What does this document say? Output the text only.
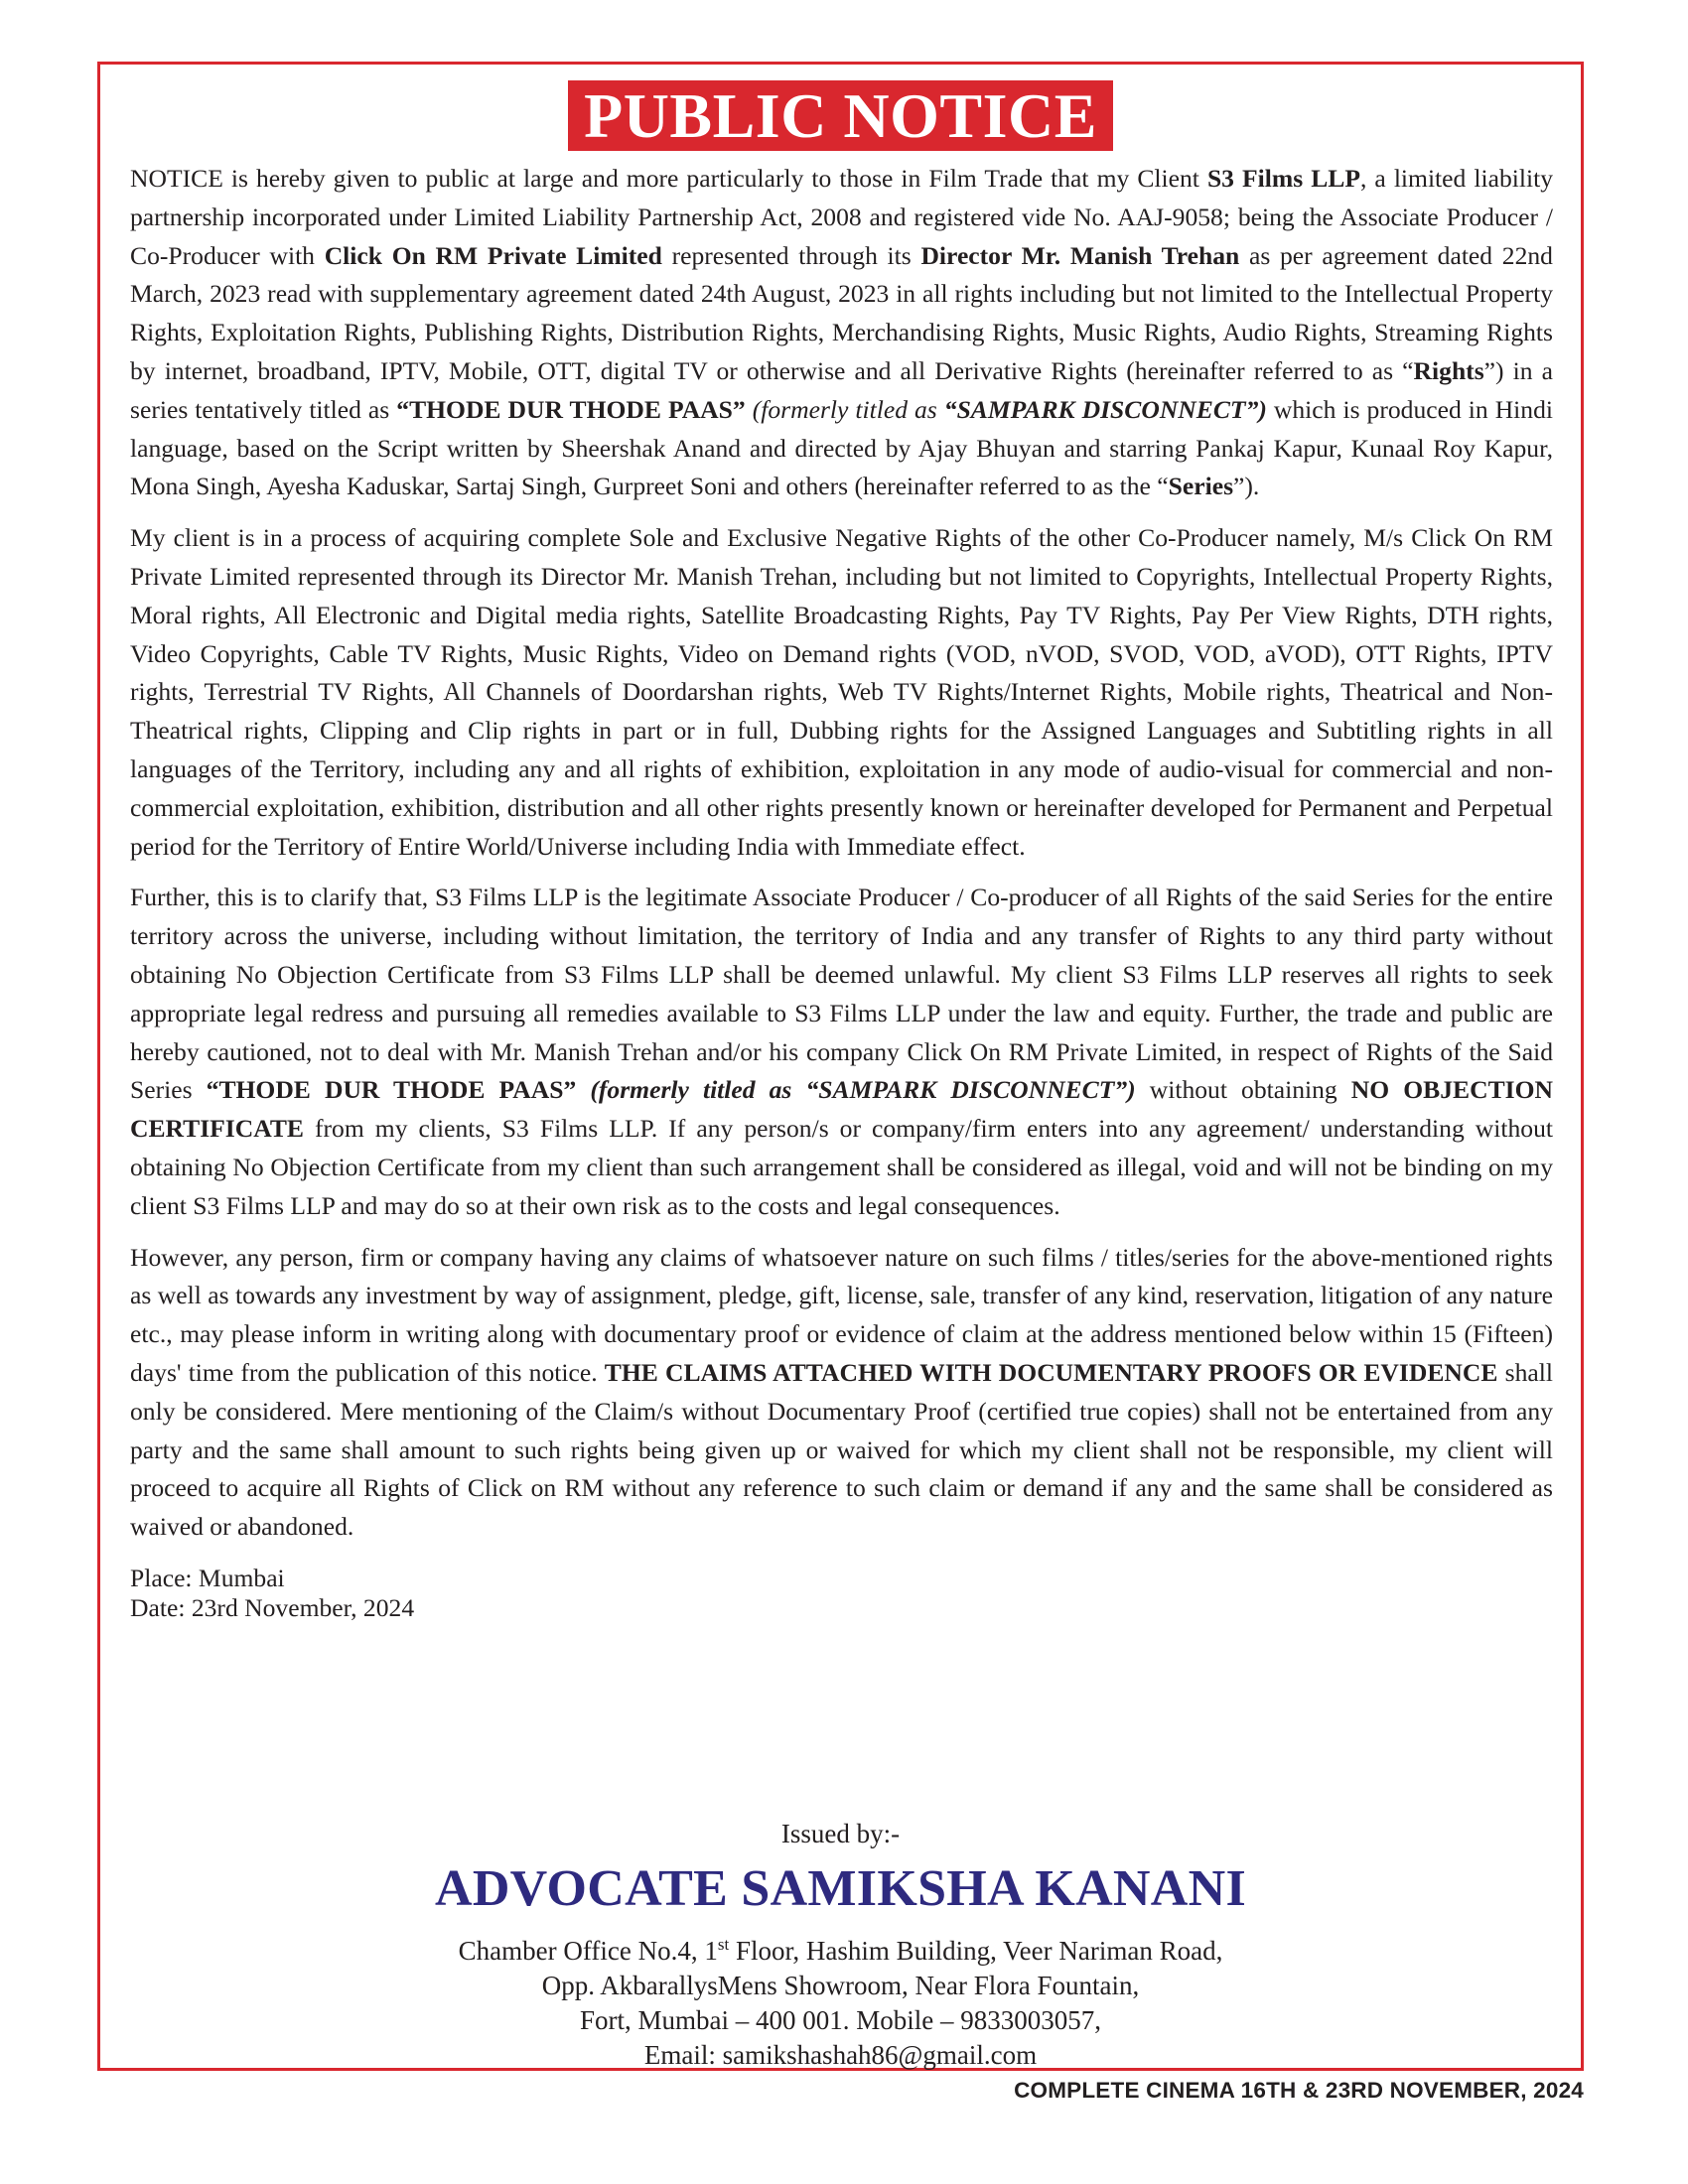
PUBLIC NOTICE

NOTICE is hereby given to public at large and more particularly to those in Film Trade that my Client S3 Films LLP, a limited liability partnership incorporated under Limited Liability Partnership Act, 2008 and registered vide No. AAJ-9058; being the Associate Producer / Co-Producer with Click On RM Private Limited represented through its Director Mr. Manish Trehan as per agreement dated 22nd March, 2023 read with supplementary agreement dated 24th August, 2023 in all rights including but not limited to the Intellectual Property Rights, Exploitation Rights, Publishing Rights, Distribution Rights, Merchandising Rights, Music Rights, Audio Rights, Streaming Rights by internet, broadband, IPTV, Mobile, OTT, digital TV or otherwise and all Derivative Rights (hereinafter referred to as “Rights”) in a series tentatively titled as “THODE DUR THODE PAAS” (formerly titled as “SAMPARK DISCONNECT”) which is produced in Hindi language, based on the Script written by Sheershak Anand and directed by Ajay Bhuyan and starring Pankaj Kapur, Kunaal Roy Kapur, Mona Singh, Ayesha Kaduskar, Sartaj Singh, Gurpreet Soni and others (hereinafter referred to as the “Series”).

My client is in a process of acquiring complete Sole and Exclusive Negative Rights of the other Co-Producer namely, M/s Click On RM Private Limited represented through its Director Mr. Manish Trehan, including but not limited to Copyrights, Intellectual Property Rights, Moral rights, All Electronic and Digital media rights, Satellite Broadcasting Rights, Pay TV Rights, Pay Per View Rights, DTH rights, Video Copyrights, Cable TV Rights, Music Rights, Video on Demand rights (VOD, nVOD, SVOD, VOD, aVOD), OTT Rights, IPTV rights, Terrestrial TV Rights, All Channels of Doordarshan rights, Web TV Rights/Internet Rights, Mobile rights, Theatrical and Non-Theatrical rights, Clipping and Clip rights in part or in full, Dubbing rights for the Assigned Languages and Subtitling rights in all languages of the Territory, including any and all rights of exhibition, exploitation in any mode of audio-visual for commercial and non-commercial exploitation, exhibition, distribution and all other rights presently known or hereinafter developed for Permanent and Perpetual period for the Territory of Entire World/Universe including India with Immediate effect.

Further, this is to clarify that, S3 Films LLP is the legitimate Associate Producer / Co-producer of all Rights of the said Series for the entire territory across the universe, including without limitation, the territory of India and any transfer of Rights to any third party without obtaining No Objection Certificate from S3 Films LLP shall be deemed unlawful. My client S3 Films LLP reserves all rights to seek appropriate legal redress and pursuing all remedies available to S3 Films LLP under the law and equity. Further, the trade and public are hereby cautioned, not to deal with Mr. Manish Trehan and/or his company Click On RM Private Limited, in respect of Rights of the Said Series “THODE DUR THODE PAAS” (formerly titled as “SAMPARK DISCONNECT”) without obtaining NO OBJECTION CERTIFICATE from my clients, S3 Films LLP. If any person/s or company/firm enters into any agreement/ understanding without obtaining No Objection Certificate from my client than such arrangement shall be considered as illegal, void and will not be binding on my client S3 Films LLP and may do so at their own risk as to the costs and legal consequences.

However, any person, firm or company having any claims of whatsoever nature on such films / titles/series for the above-mentioned rights as well as towards any investment by way of assignment, pledge, gift, license, sale, transfer of any kind, reservation, litigation of any nature etc., may please inform in writing along with documentary proof or evidence of claim at the address mentioned below within 15 (Fifteen) days' time from the publication of this notice. THE CLAIMS ATTACHED WITH DOCUMENTARY PROOFS OR EVIDENCE shall only be considered. Mere mentioning of the Claim/s without Documentary Proof (certified true copies) shall not be entertained from any party and the same shall amount to such rights being given up or waived for which my client shall not be responsible, my client will proceed to acquire all Rights of Click on RM without any reference to such claim or demand if any and the same shall be considered as waived or abandoned.

Place: Mumbai
Date: 23rd November, 2024
Issued by:-
ADVOCATE SAMIKSHA KANANI
Chamber Office No.4, 1st Floor, Hashim Building, Veer Nariman Road,
Opp. AkbarallysMens Showroom, Near Flora Fountain,
Fort, Mumbai – 400 001. Mobile – 9833003057,
Email: samikshashah86@gmail.com
COMPLETE CINEMA 16TH & 23RD NOVEMBER, 2024
